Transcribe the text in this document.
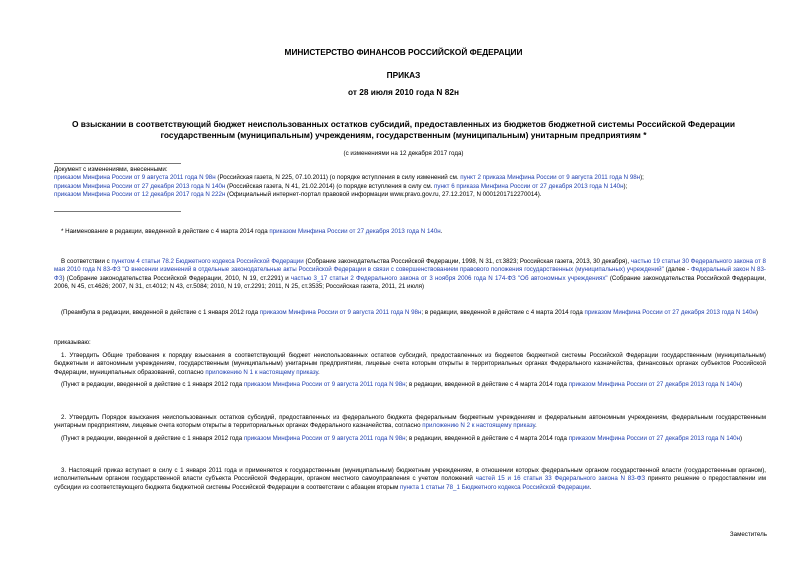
МИНИСТЕРСТВО ФИНАНСОВ РОССИЙСКОЙ ФЕДЕРАЦИИ
ПРИКАЗ
от 28 июля 2010 года N 82н
О взыскании в соответствующий бюджет неиспользованных остатков субсидий, предоставленных из бюджетов бюджетной системы Российской Федерации
государственным (муниципальным) учреждениям, государственным (муниципальным) унитарным предприятиям *
(с изменениями на 12 декабря 2017 года)
Документ с изменениями, внесенными:
приказом Минфина России от 9 августа 2011 года N 98н (Российская газета, N 225, 07.10.2011) (о порядке вступления в силу изменений см. пункт 2 приказа Минфина России от 9 августа 2011 года N 98н);
приказом Минфина России от 27 декабря 2013 года N 140н (Российская газета, N 41, 21.02.2014) (о порядке вступления в силу см. пункт 6 приказа Минфина России от 27 декабря 2013 года N 140н);
приказом Минфина России от 12 декабря 2017 года N 222н (Официальный интернет-портал правовой информации www.pravo.gov.ru, 27.12.2017, N 0001201712270014).
* Наименование в редакции, введенной в действие с 4 марта 2014 года приказом Минфина России от 27 декабря 2013 года N 140н.
В соответствии с пунктом 4 статьи 78.2 Бюджетного кодекса Российской Федерации (Собрание законодательства Российской Федерации, 1998, N 31, ст.3823; Российская газета, 2013, 30 декабря), частью 19 статьи 30 Федерального закона от 8 мая 2010 года N 83-ФЗ "О внесении изменений в отдельные законодательные акты Российской Федерации в связи с совершенствованием правового положения государственных (муниципальных) учреждений" (далее - Федеральный закон N 83-ФЗ) (Собрание законодательства Российской Федерации, 2010, N 19, ст.2291) и частью 3_17 статьи 2 Федерального закона от 3 ноября 2006 года N 174-ФЗ "Об автономных учреждениях" (Собрание законодательства Российской Федерации, 2006, N 45, ст.4626; 2007, N 31, ст.4012; N 43, ст.5084; 2010, N 19, ст.2291; 2011, N 25, ст.3535; Российская газета, 2011, 21 июля)
(Преамбула в редакции, введенной в действие с 1 января 2012 года приказом Минфина России от 9 августа 2011 года N 98н; в редакции, введенной в действие с 4 марта 2014 года приказом Минфина России от 27 декабря 2013 года N 140н)
приказываю:
1. Утвердить Общие требования к порядку взыскания в соответствующий бюджет неиспользованных остатков субсидий, предоставленных из бюджетов бюджетной системы Российской Федерации государственным (муниципальным) бюджетным и автономным учреждениям, государственным (муниципальным) унитарным предприятиям, лицевые счета которым открыты в территориальных органах Федерального казначейства, финансовых органах субъектов Российской Федерации, муниципальных образований, согласно приложению N 1 к настоящему приказу.
(Пункт в редакции, введенной в действие с 1 января 2012 года приказом Минфина России от 9 августа 2011 года N 98н; в редакции, введенной в действие с 4 марта 2014 года приказом Минфина России от 27 декабря 2013 года N 140н)
2. Утвердить Порядок взыскания неиспользованных остатков субсидий, предоставленных из федерального бюджета федеральным бюджетным учреждениям и федеральным автономным учреждениям, федеральным государственным унитарным предприятиям, лицевые счета которым открыты в территориальных органах Федерального казначейства, согласно приложению N 2 к настоящему приказу.
(Пункт в редакции, введенной в действие с 1 января 2012 года приказом Минфина России от 9 августа 2011 года N 98н; в редакции, введенной в действие с 4 марта 2014 года приказом Минфина России от 27 декабря 2013 года N 140н)
3. Настоящий приказ вступает в силу с 1 января 2011 года и применяется к государственным (муниципальным) бюджетным учреждениям, в отношении которых федеральным органом государственной власти (государственным органом), исполнительным органом государственной власти субъекта Российской Федерации, органом местного самоуправления с учетом положений частей 15 и 16 статьи 33 Федерального закона N 83-ФЗ принято решение о предоставлении им субсидии из соответствующего бюджета бюджетной системы Российской Федерации в соответствии с абзацем вторым пункта 1 статьи 78_1 Бюджетного кодекса Российской Федерации.
Заместитель
